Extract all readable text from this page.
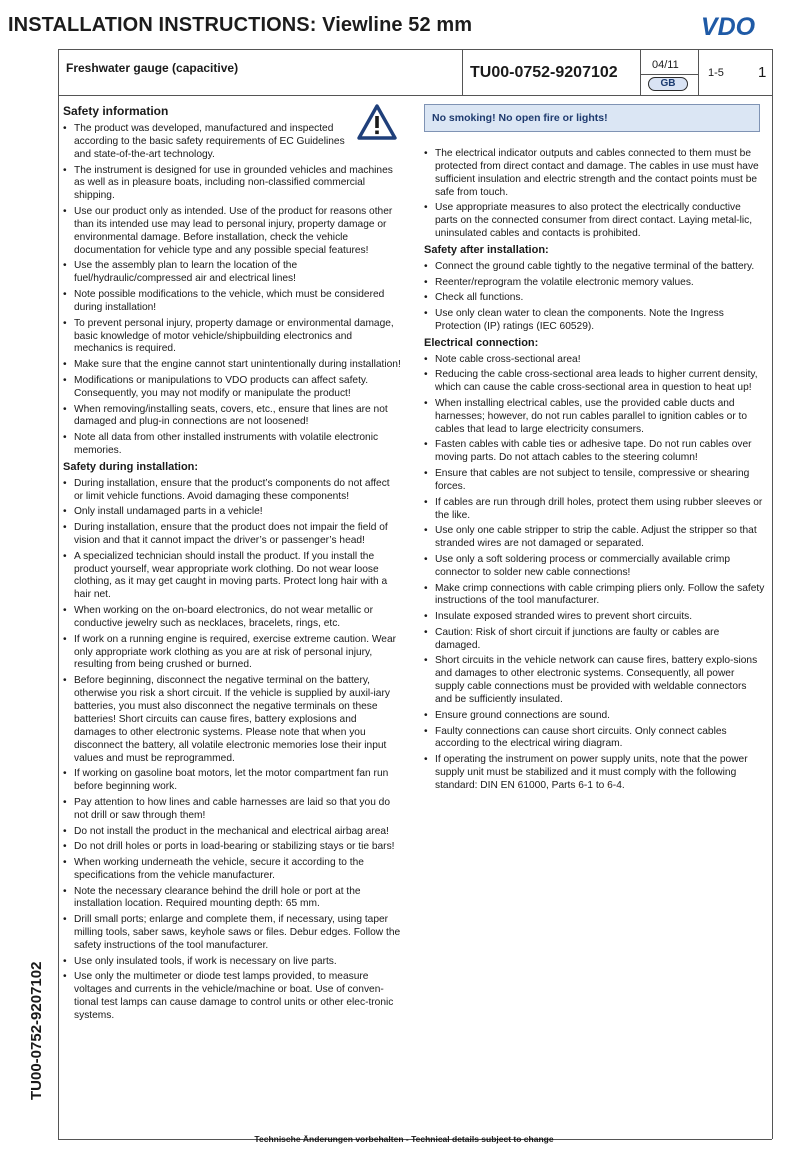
INSTALLATION INSTRUCTIONS: Viewline 52 mm	VDO
Freshwater gauge (capacitive)	TU00-0752-9207102	04/11
GB
1-5 1
Safety information
• The product was developed, manufactured and inspected according to the basic safety requirements of EC Guidelines and state-of-the-art technology.
• The instrument is designed for use in grounded vehicles and machines as well as in pleasure boats, including non-classified commercial shipping.
• Use our product only as intended. Use of the product for reasons other than its intended use may lead to personal injury, property damage or environmental damage. Before installation, check the vehicle documentation for vehicle type and any possible special features!
• Use the assembly plan to learn the location of the fuel/hydraulic/compressed air and electrical lines!
• Note possible modifications to the vehicle, which must be considered during installation!
• To prevent personal injury, property damage or environmental damage, basic knowledge of motor vehicle/shipbuilding electronics and mechanics is required.
• Make sure that the engine cannot start unintentionally during installation!
• Modifications or manipulations to VDO products can affect safety. Consequently, you may not modify or manipulate the product!
• When removing/installing seats, covers, etc., ensure that lines are not damaged and plug-in connections are not loosened!
• Note all data from other installed instruments with volatile electronic memories.
Safety during installation:
• During installation, ensure that the product’s components do not affect or limit vehicle functions. Avoid damaging these components!
• Only install undamaged parts in a vehicle!
• During installation, ensure that the product does not impair the field of vision and that it cannot impact the driver’s or passenger’s head!
• A specialized technician should install the product. If you install the product yourself, wear appropriate work clothing. Do not wear loose clothing, as it may get caught in moving parts. Protect long hair with a hair net.
• When working on the on-board electronics, do not wear metallic or conductive jewelry such as necklaces, bracelets, rings, etc.
• If work on a running engine is required, exercise extreme caution. Wear only appropriate work clothing as you are at risk of personal injury, resulting from being crushed or burned.
• Before beginning, disconnect the negative terminal on the battery, otherwise you risk a short circuit. If the vehicle is supplied by auxil-iary batteries, you must also disconnect the negative terminals on these batteries! Short circuits can cause fires, battery explosions and damages to other electronic systems. Please note that when you disconnect the battery, all volatile electronic memories lose their input values and must be reprogrammed.
• If working on gasoline boat motors, let the motor compartment fan run before beginning work.
• Pay attention to how lines and cable harnesses are laid so that you do not drill or saw through them!
• Do not install the product in the mechanical and electrical airbag area!
• Do not drill holes or ports in load-bearing or stabilizing stays or tie bars!
• When working underneath the vehicle, secure it according to the specifications from the vehicle manufacturer.
• Note the necessary clearance behind the drill hole or port at the installation location. Required mounting depth: 65 mm.
• Drill small ports; enlarge and complete them, if necessary, using taper milling tools, saber saws, keyhole saws or files. Debur edges. Follow the safety instructions of the tool manufacturer.
• Use only insulated tools, if work is necessary on live parts.
• Use only the multimeter or diode test lamps provided, to measure voltages and currents in the vehicle/machine or boat. Use of conven-tional test lamps can cause damage to control units or other elec-tronic systems.
No smoking! No open fire or lights!
• The electrical indicator outputs and cables connected to them must be protected from direct contact and damage. The cables in use must have sufficient insulation and electric strength and the contact points must be safe from touch.
• Use appropriate measures to also protect the electrically conductive parts on the connected consumer from direct contact. Laying metal-lic, uninsulated cables and contacts is prohibited.
Safety after installation:
• Connect the ground cable tightly to the negative terminal of the battery.
• Reenter/reprogram the volatile electronic memory values.
• Check all functions.
• Use only clean water to clean the components. Note the Ingress Protection (IP) ratings (IEC 60529).
Electrical connection:
• Note cable cross-sectional area!
• Reducing the cable cross-sectional area leads to higher current density, which can cause the cable cross-sectional area in question to heat up!
• When installing electrical cables, use the provided cable ducts and harnesses; however, do not run cables parallel to ignition cables or to cables that lead to large electricity consumers.
• Fasten cables with cable ties or adhesive tape. Do not run cables over moving parts. Do not attach cables to the steering column!
• Ensure that cables are not subject to tensile, compressive or shearing forces.
• If cables are run through drill holes, protect them using rubber sleeves or the like.
• Use only one cable stripper to strip the cable. Adjust the stripper so that stranded wires are not damaged or separated.
• Use only a soft soldering process or commercially available crimp connector to solder new cable connections!
• Make crimp connections with cable crimping pliers only. Follow the safety instructions of the tool manufacturer.
• Insulate exposed stranded wires to prevent short circuits.
• Caution: Risk of short circuit if junctions are faulty or cables are damaged.
• Short circuits in the vehicle network can cause fires, battery explo-sions and damages to other electronic systems. Consequently, all power supply cable connections must be provided with weldable connectors and be sufficiently insulated.
• Ensure ground connections are sound.
• Faulty connections can cause short circuits. Only connect cables according to the electrical wiring diagram.
• If operating the instrument on power supply units, note that the power supply unit must be stabilized and it must comply with the following standard: DIN EN 61000, Parts 6-1 to 6-4.
TU00-0752-9207102
Technische Änderungen vorbehalten - Technical details subject to change
